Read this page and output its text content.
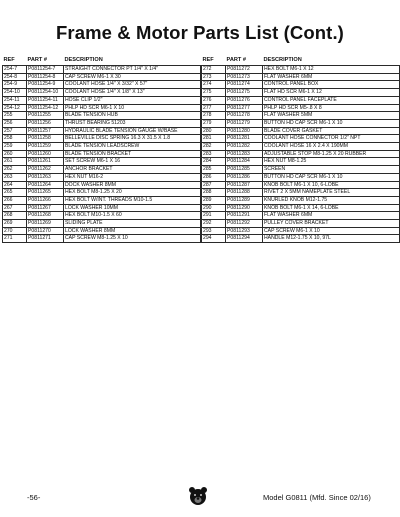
Frame & Motor Parts List (Cont.)
REF	PART #	DESCRIPTION
254-7	P0811254-7	STRAIGHT CONNECTOR PT 1/4" X 1/4"
254-8	P0811254-8	CAP SCREW M6-1 X 30
254-9	P0811254-9	COOLANT HOSE 1/4" X 3/32" X 57"
254-10	P0811254-10	COOLANT HOSE 1/4" X 1/8" X 13"
254-11	P0811254-11	HOSE CLIP 1/2"
254-12	P0811254-12	PHLP HD SCR M6-1 X 10
255	P0811255	BLADE TENSION HUB
256	P0811256	THRUST BEARING 51203
257	P0811257	HYDRAULIC BLADE TENSION GAUGE W/BASE
258	P0811258	BELLEVILLE DISC SPRING 16.3 X 31.5 X 1.8
259	P0811259	BLADE TENSION LEADSCREW
260	P0811260	BLADE TENSION BRACKET
261	P0811261	SET SCREW M6-1 X 16
262	P0811262	ANCHOR BRACKET
263	P0811263	HEX NUT M16-2
264	P0811264	DOCK WASHER 8MM
265	P0811265	HEX BOLT M8-1.25 X 20
266	P0811266	HEX BOLT W/INT. THREADS M10-1.5
267	P0811267	LOCK WASHER 10MM
268	P0811268	HEX BOLT M10-1.5 X 60
269	P0811269	SLIDING PLATE
270	P0811270	LOCK WASHER 8MM
271	P0811271	CAP SCREW M8-1.25 X 10
REF	PART #	DESCRIPTION
272	P0811272	HEX BOLT M6-1 X 12
273	P0811273	FLAT WASHER 6MM
274	P0811274	CONTROL PANEL BOX
275	P0811275	FLAT HD SCR M6-1 X 12
276	P0811276	CONTROL PANEL FACEPLATE
277	P0811277	PHLP HD SCR M5-.8 X 8
278	P0811278	FLAT WASHER 5MM
279	P0811279	BUTTON HD CAP SCR M6-1 X 10
280	P0811280	BLADE COVER GASKET
281	P0811281	COOLANT HOSE CONNECTOR 1/2" NPT
282	P0811282	COOLANT HOSE 16 X 2.4 X 190MM
283	P0811283	ADJUSTABLE STOP M8-1.25 X 20 RUBBER
284	P0811284	HEX NUT M8-1.25
285	P0811285	SCREEN
286	P0811286	BUTTON HD CAP SCR M6-1 X 10
287	P0811287	KNOB BOLT M6-1 X 10, 6-LOBE
288	P0811288	RIVET 2 X 5MM NAMEPLATE STEEL
289	P0811289	KNURLED KNOB M12-1.75
290	P0811290	KNOB BOLT M6-1 X 14, 6-LOBE
291	P0811291	FLAT WASHER 6MM
292	P0811292	PULLEY COVER BRACKET
293	P0811293	CAP SCREW M6-1 X 10
294	P0811294	HANDLE M12-1.75 X 10, 97L
-56-	Model G0811 (Mfd. Since 02/16)
